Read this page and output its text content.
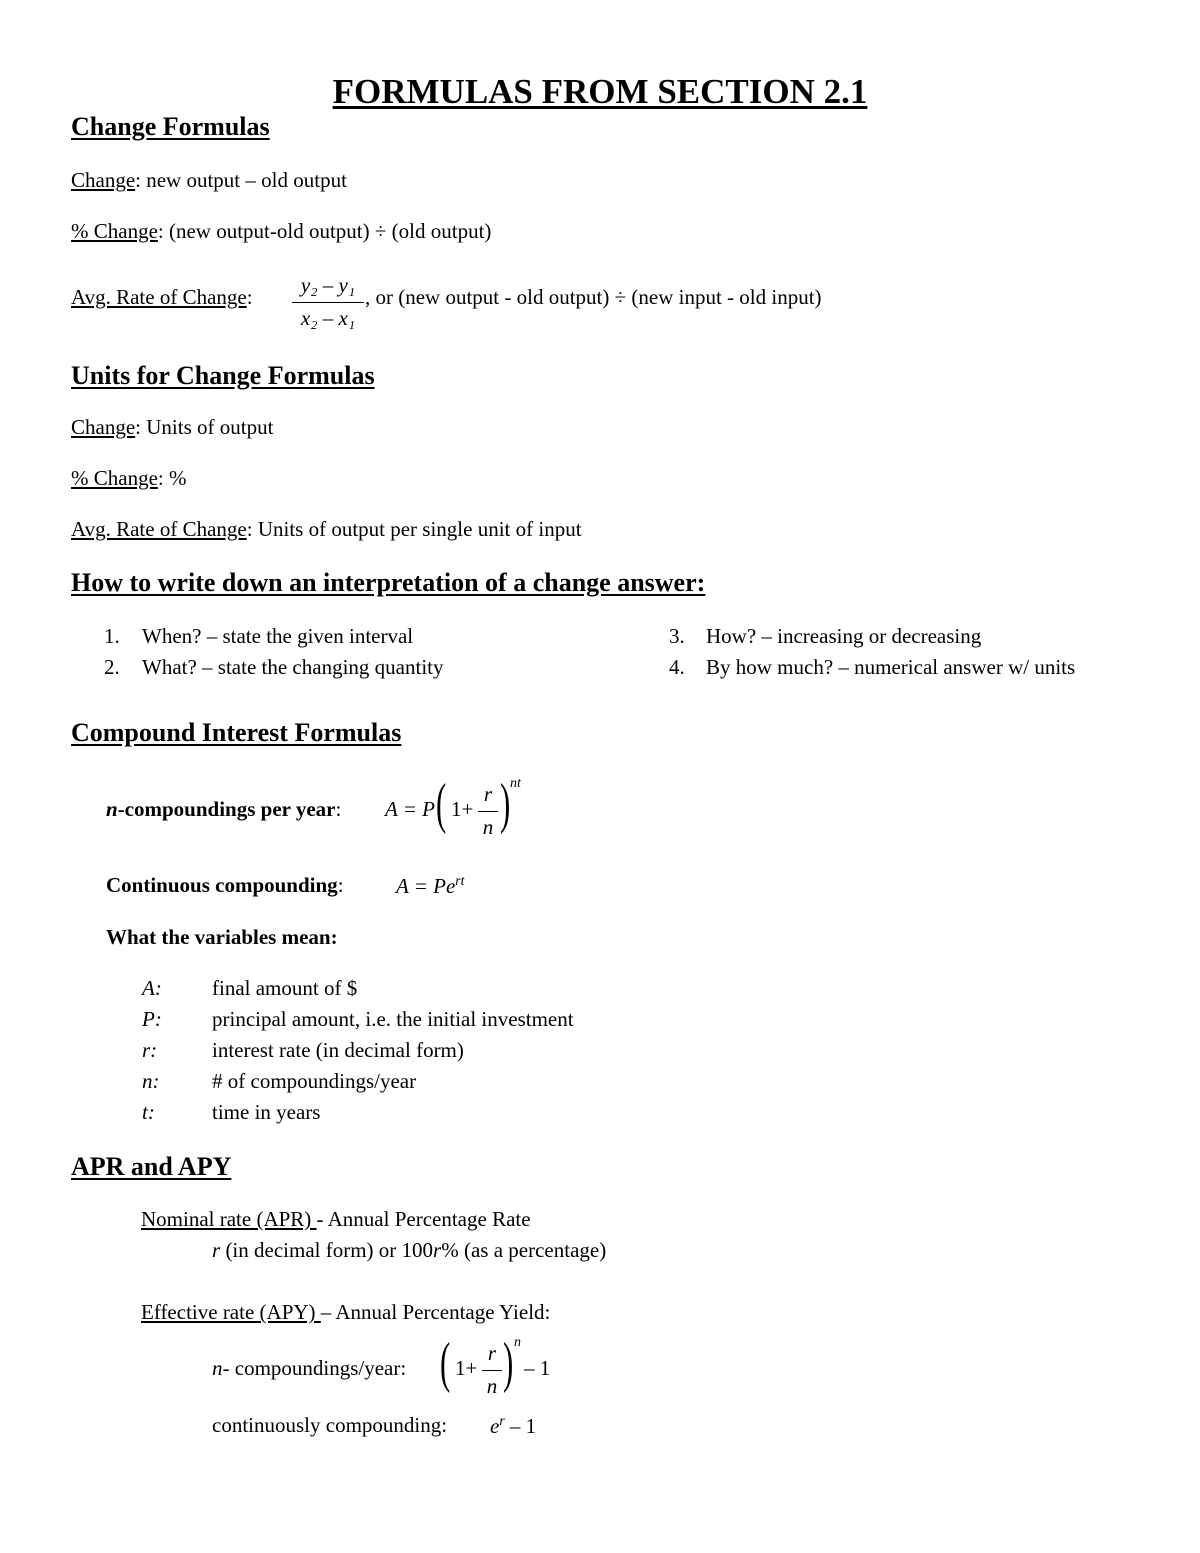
FORMULAS FROM SECTION 2.1
Change Formulas
Change: new output – old output
% Change: (new output-old output) ÷ (old output)
Avg. Rate of Change:	y₂ – y₁
x₂ – x₁
, or (new output - old output) ÷ (new input - old input)
Units for Change Formulas
Change: Units of output
% Change: %
Avg. Rate of Change: Units of output per single unit of input
How to write down an interpretation of a change answer:
1. When? – state the given interval
2. What? – state the changing quantity
3. How? – increasing or decreasing
4. By how much? – numerical answer w/ units
Compound Interest Formulas
n-compoundings per year: A = P ( 1+
r
n ) nt
Continuous compounding: $A = Pe^{rt}$
What the variables mean:
A: final amount of $
P: principal amount, i.e. the initial investment
r:	interest rate (in decimal form)
n:	# of compoundings/year
t:	time in years
APR and APY
Nominal rate (APR) - Annual Percentage Rate
r (in decimal form) or 100r% (as a percentage)
Effective rate (APY) – Annual Percentage Yield:
n- compoundings/year: ( 1+
r
n ) n
– 1
continuously compounding: $e^r - 1$
